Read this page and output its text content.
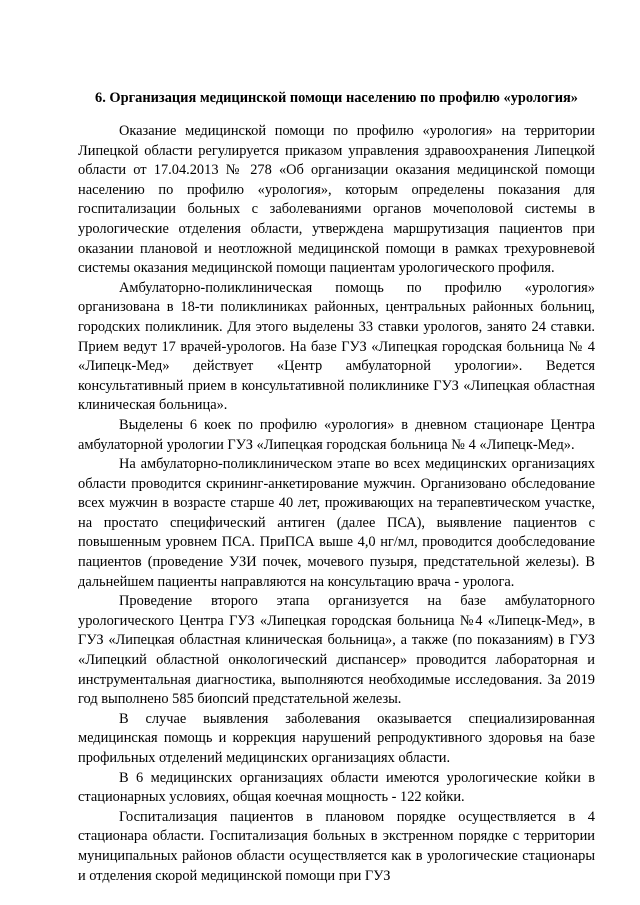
6. Организация медицинской помощи населению по профилю «урология»

Оказание медицинской помощи по профилю «урология» на территории Липецкой области регулируется приказом управления здравоохранения Липецкой области от 17.04.2013 № 278 «Об организации оказания медицинской помощи населению по профилю «урология», которым определены показания для госпитализации больных с заболеваниями органов мочеполовой системы в урологические отделения области, утверждена маршрутизация пациентов при оказании плановой и неотложной медицинской помощи в рамках трехуровневой системы оказания медицинской помощи пациентам урологического профиля.

Амбулаторно-поликлиническая помощь по профилю «урология» организована в 18-ти поликлиниках районных, центральных районных больниц, городских поликлиник. Для этого выделены 33 ставки урологов, занято 24 ставки. Прием ведут 17 врачей-урологов. На базе ГУЗ «Липецкая городская больница № 4 «Липецк-Мед» действует «Центр амбулаторной урологии». Ведется консультативный прием в консультативной поликлинике ГУЗ «Липецкая областная клиническая больница».

Выделены 6 коек по профилю «урология» в дневном стационаре Центра амбулаторной урологии ГУЗ «Липецкая городская больница № 4 «Липецк-Мед».

На амбулаторно-поликлиническом этапе во всех медицинских организациях области проводится скрининг-анкетирование мужчин. Организовано обследование всех мужчин в возрасте старше 40 лет, проживающих на терапевтическом участке, на простато специфический антиген (далее ПСА), выявление пациентов с повышенным уровнем ПСА. ПриПСА выше 4,0 нг/мл, проводится дообследование пациентов (проведение УЗИ почек, мочевого пузыря, предстательной железы). В дальнейшем пациенты направляются на консультацию врача - уролога.

Проведение второго этапа организуется на базе амбулаторного урологического Центра ГУЗ «Липецкая городская больница №4 «Липецк-Мед», в ГУЗ «Липецкая областная клиническая больница», а также (по показаниям) в ГУЗ «Липецкий областной онкологический диспансер» проводится лабораторная и инструментальная диагностика, выполняются необходимые исследования. За 2019 год выполнено 585 биопсий предстательной железы.

В случае выявления заболевания оказывается специализированная медицинская помощь и коррекция нарушений репродуктивного здоровья на базе профильных отделений медицинских организациях области.

В 6 медицинских организациях области имеются урологические койки в стационарных условиях, общая коечная мощность - 122 койки.

Госпитализация пациентов в плановом порядке осуществляется в 4 стационара области. Госпитализация больных в экстренном порядке с территории муниципальных районов области осуществляется как в урологические стационары и отделения скорой медицинской помощи при ГУЗ
